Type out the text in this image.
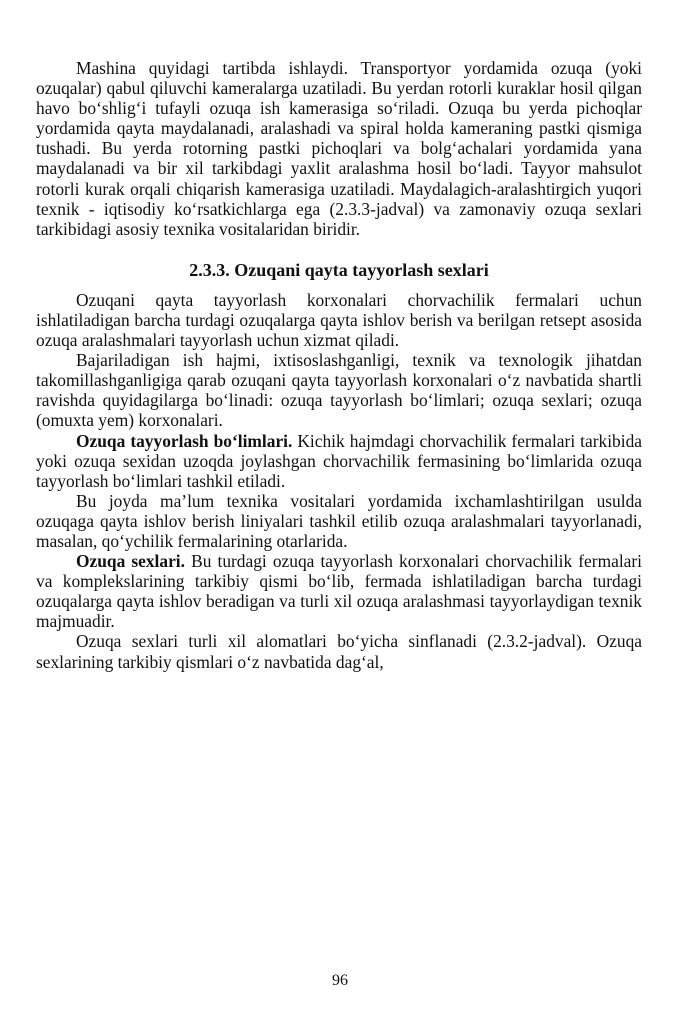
Mashina quyidagi tartibda ishlaydi. Transportyor yordamida ozuqa (yoki ozuqalar) qabul qiluvchi kameralarga uzatiladi. Bu yerdan rotorli kuraklar hosil qilgan havo bo‘shlig‘i tufayli ozuqa ish kamerasiga so‘riladi. Ozuqa bu yerda pichoqlar yordamida qayta maydalanadi, aralashadi va spiral holda kameraning pastki qismiga tushadi. Bu yerda rotorning pastki pichoqlari va bolg‘achalari yordamida yana maydalanadi va bir xil tarkibdagi yaxlit aralashma hosil bo‘ladi. Tayyor mahsulot rotorli kurak orqali chiqarish kamerasiga uzatiladi. Maydalagich-aralashtirgich yuqori texnik - iqtisodiy ko‘rsatkichlarga ega (2.3.3-jadval) va zamonaviy ozuqa sexlari tarkibidagi asosiy texnika vositalaridan biridir.

2.3.3. Ozuqani qayta tayyorlash sexlari

Ozuqani qayta tayyorlash korxonalari chorvachilik fermalari uchun ishlatiladigan barcha turdagi ozuqalarga qayta ishlov berish va berilgan retsept asosida ozuqa aralashmalari tayyorlash uchun xizmat qiladi.

Bajariladigan ish hajmi, ixtisoslashganligi, texnik va texnologik jihatdan takomillashganligiga qarab ozuqani qayta tayyorlash korxonalari o‘z navbatida shartli ravishda quyidagilarga bo‘linadi: ozuqa tayyorlash bo‘limlari; ozuqa sexlari; ozuqa (omuxta yem) korxonalari.

Ozuqa tayyorlash bo‘limlari. Kichik hajmdagi chorvachilik fermalari tarkibida yoki ozuqa sexidan uzoqda joylashgan chorvachilik fermasining bo‘limlarida ozuqa tayyorlash bo‘limlari tashkil etiladi.

Bu joyda ma’lum texnika vositalari yordamida ixchamlashtirilgan usulda ozuqaga qayta ishlov berish liniyalari tashkil etilib ozuqa aralashmalari tayyorlanadi, masalan, qo‘ychilik fermalarining otarlarida.

Ozuqa sexlari. Bu turdagi ozuqa tayyorlash korxonalari chorvachilik fermalari va komplekslarining tarkibiy qismi bo‘lib, fermada ishlatiladigan barcha turdagi ozuqalarga qayta ishlov beradigan va turli xil ozuqa aralashmasi tayyorlaydigan texnik majmuadir.

Ozuqa sexlari turli xil alomatlari bo‘yicha sinflanadi (2.3.2-jadval). Ozuqa sexlarining tarkibiy qismlari o‘z navbatida dag‘al,

96
